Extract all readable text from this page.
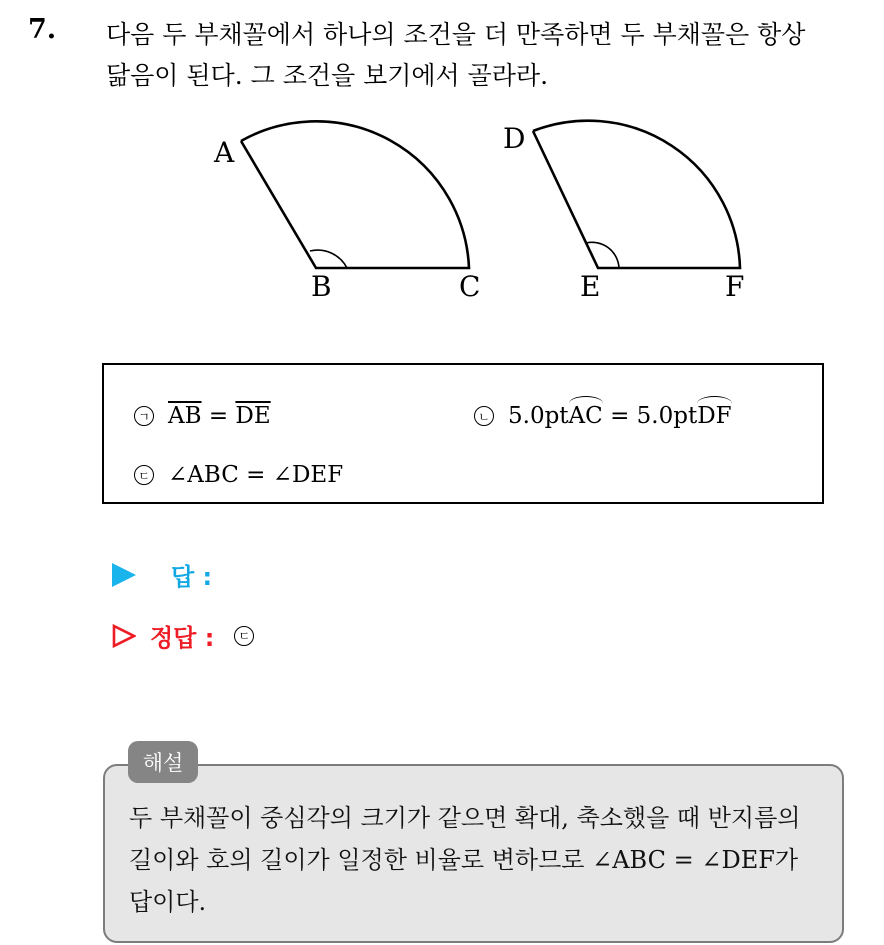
7. 다음 두 부채꼴에서 하나의 조건을 더 만족하면 두 부채꼴은 항상
닮음이 된다. 그 조건을 보기에서 골라라.
A
B	C
D
E	F
ㄱ $\overline{AB} = \overline{DE}$	ㄴ 5.0pt AC = 5.0pt DF
ㄷ ∠ABC = ∠DEF
답 :
정답 :	ㄷ
해설
두 부채꼴이 중심각의 크기가 같으면 확대, 축소했을 때 반지름의
길이와 호의 길이가 일정한 비율로 변하므로 ∠ABC = ∠DEF가
답이다.
